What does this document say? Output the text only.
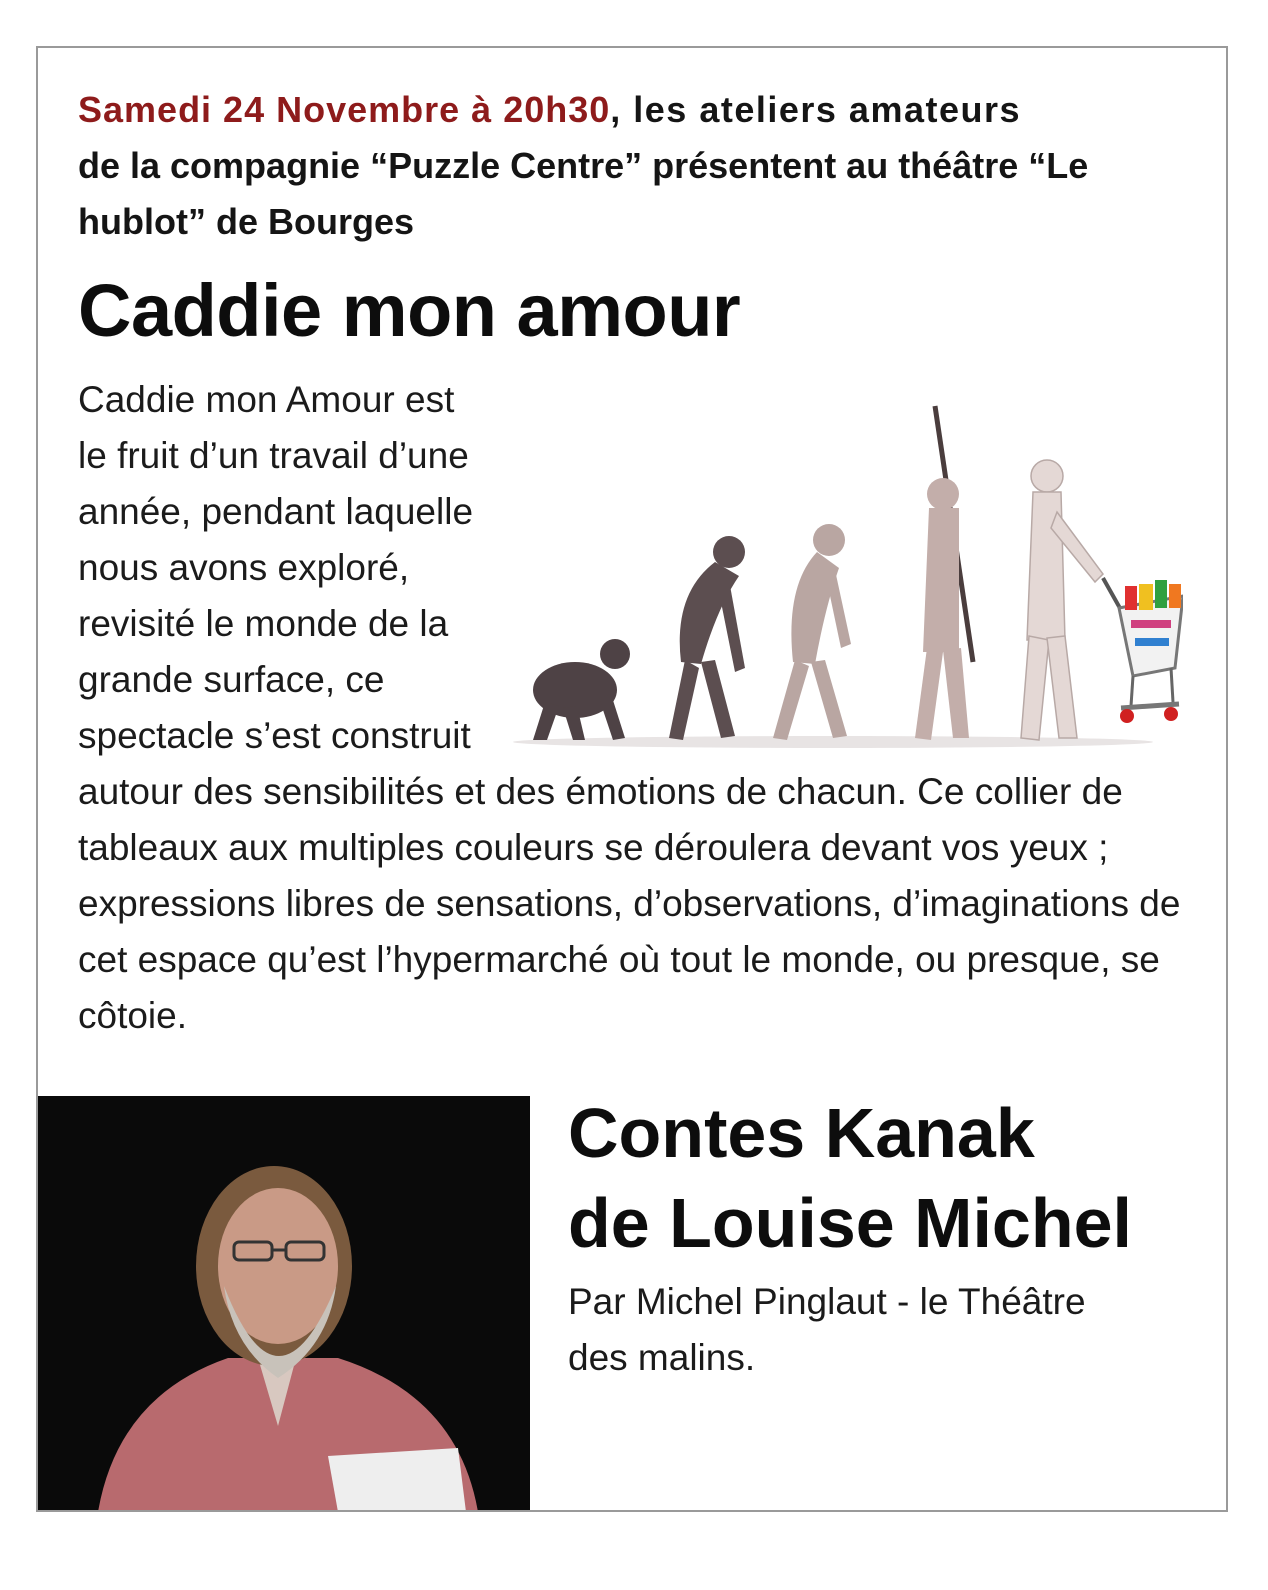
Samedi 24 Novembre à 20h30, les ateliers amateurs
de la compagnie “Puzzle Centre” présentent au théâtre “Le hublot” de Bourges
Caddie mon amour
Caddie mon Amour est le fruit d’un travail d’une année, pendant laquelle nous avons exploré, revisité le monde de la grande surface, ce spectacle s’est construit autour des sensibilités et des émotions de chacun. Ce collier de tableaux aux multiples couleurs se déroulera devant vos yeux ; expressions libres de sensations, d’observations, d’imaginations de cet espace qu’est l’hypermarché où tout le monde, ou presque, se côtoie.
Contes Kanak
de Louise Michel
Par Michel Pinglaut - le Théâtre
des malins.
